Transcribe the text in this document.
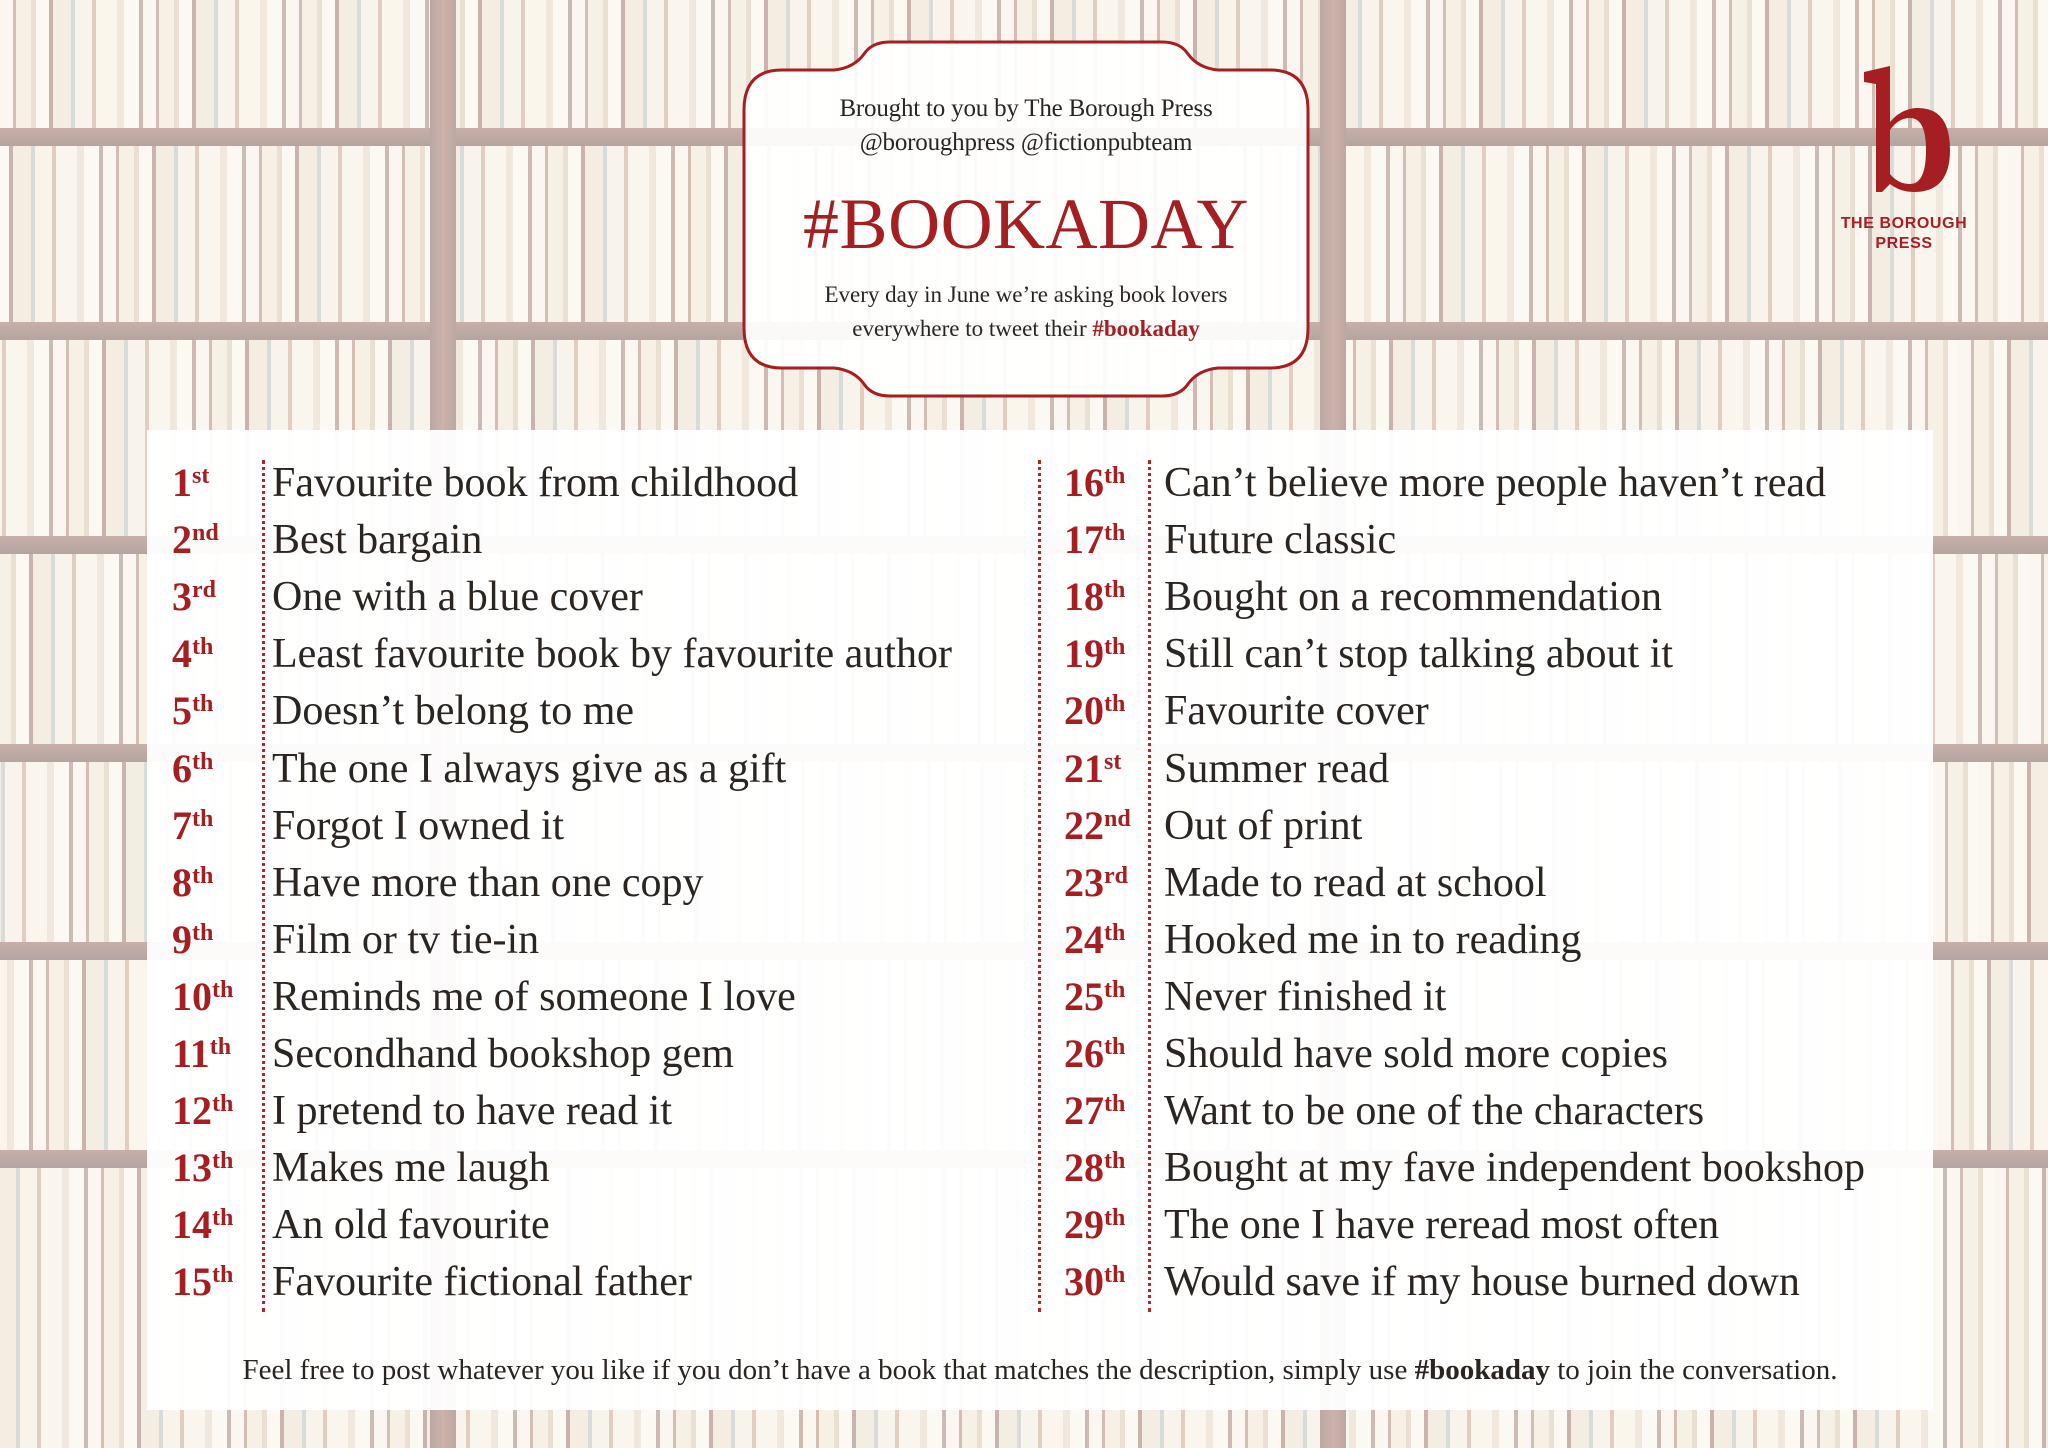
Brought to you by The Borough Press
@boroughpress @fictionpubteam
#BOOKADAY
Every day in June we’re asking book lovers
everywhere to tweet their #bookaday
THE BOROUGH
PRESS
1st	Favourite book from childhood
2nd	Best bargain
3rd	One with a blue cover
4th	Least favourite book by favourite author
5th	Doesn’t belong to me
6th	The one I always give as a gift
7th	Forgot I owned it
8th	Have more than one copy
9th	Film or tv tie-in
10th Reminds me of someone I love
11th Secondhand bookshop gem
12th I pretend to have read it
13th Makes me laugh
14th An old favourite
15th Favourite fictional father
16th Can’t believe more people haven’t read
17th Future classic
18th Bought on a recommendation
19th Still can’t stop talking about it
20th Favourite cover
21st	Summer read
22nd Out of print
23rd Made to read at school
24th Hooked me in to reading
25th Never finished it
26th Should have sold more copies
27th Want to be one of the characters
28th Bought at my fave independent bookshop
29th The one I have reread most often
30th Would save if my house burned down
Feel free to post whatever you like if you don’t have a book that matches the description, simply use #bookaday to join the conversation.
